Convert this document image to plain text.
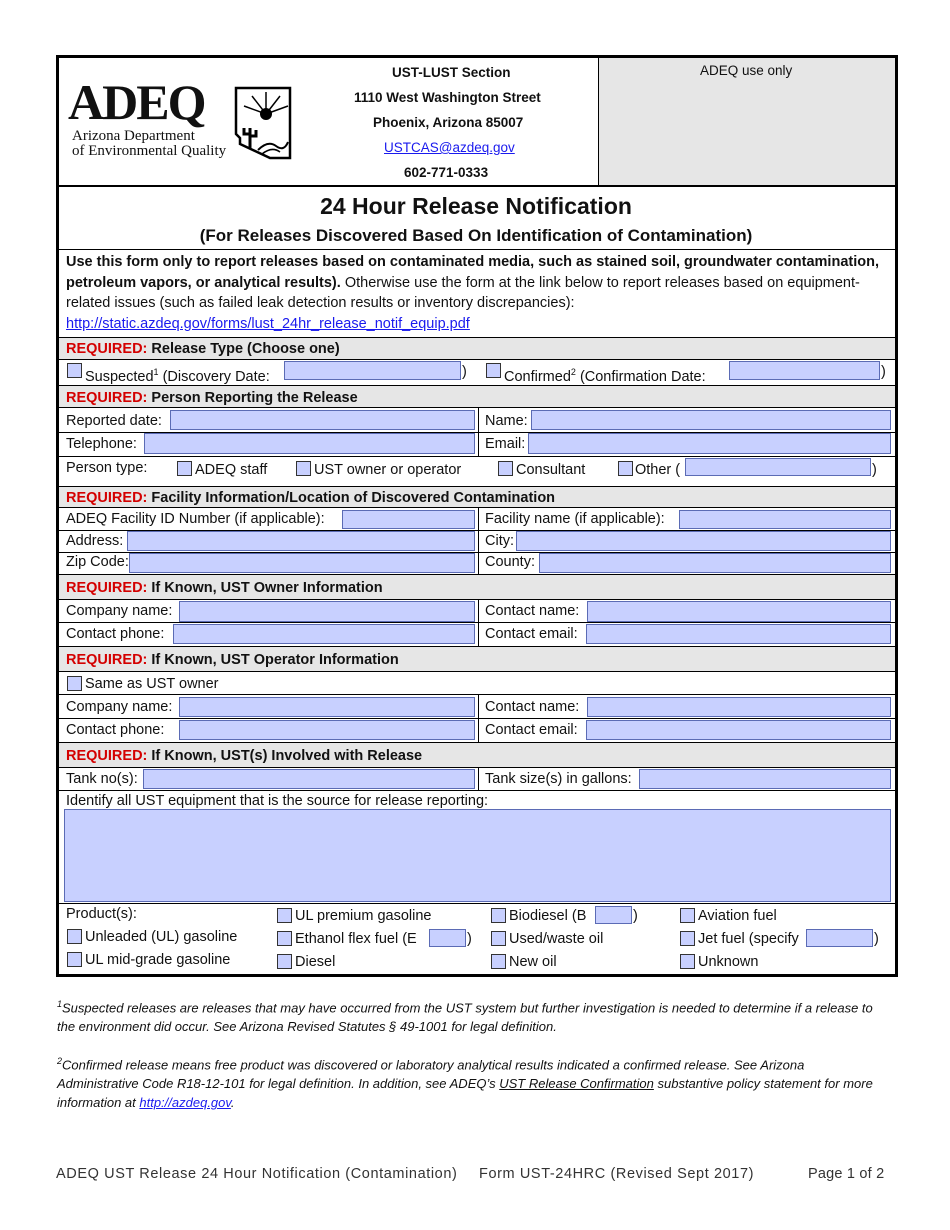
ADEQ use only
ADEQ
Arizona Department
of Environmental Quality
UST-LUST Section
1110 West Washington Street
Phoenix, Arizona 85007
USTCAS@azdeq.gov
602-771-0333
24 Hour Release Notification
(For Releases Discovered Based On Identification of Contamination)
Use this form only to report releases based on contaminated media, such as stained soil, groundwater contamination, petroleum vapors, or analytical results). Otherwise use the form at the link below to report releases based on equipment-related issues (such as failed leak detection results or inventory discrepancies):
http://static.azdeq.gov/forms/lust_24hr_release_notif_equip.pdf
REQUIRED: Release Type (Choose one)
Suspected$^1$ (Discovery Date:	)	Confirmed$^2$ (Confirmation Date:	)
REQUIRED: Person Reporting the Release
Reported date:	Name:
Telephone:	Email:
Person type:	ADEQ staff	UST owner or operator	Consultant	Other (	)
REQUIRED: Facility Information/Location of Discovered Contamination
ADEQ Facility ID Number (if applicable):	Facility name (if applicable):
Address:	City:
Zip Code:	County:
REQUIRED: If Known, UST Owner Information
Company name:	Contact name:
Contact phone:	Contact email:
REQUIRED: If Known, UST Operator Information
Same as UST owner
Company name:	Contact name:
Contact phone:	Contact email:
REQUIRED: If Known, UST(s) Involved with Release
Tank no(s):	Tank size(s) in gallons:
Identify all UST equipment that is the source for release reporting:
Product(s):
Unleaded (UL) gasoline
UL mid-grade gasoline
UL premium gasoline
Ethanol flex fuel (E	)
Diesel
Biodiesel (B	)
Used/waste oil
New oil
Aviation fuel
Jet fuel (specify	)
Unknown
$^1$Suspected releases are releases that may have occurred from the UST system but further investigation is needed to determine if a release to the environment did occur. See Arizona Revised Statutes § 49-1001 for legal definition.
$^2$Confirmed release means free product was discovered or laboratory analytical results indicated a confirmed release. See Arizona Administrative Code R18-12-101 for legal definition. In addition, see ADEQ’s UST Release Confirmation substantive policy statement for more information at http://azdeq.gov.
ADEQ UST Release 24 Hour Notification (Contamination) Form UST-24HRC (Revised Sept 2017)	Page 1 of 2
